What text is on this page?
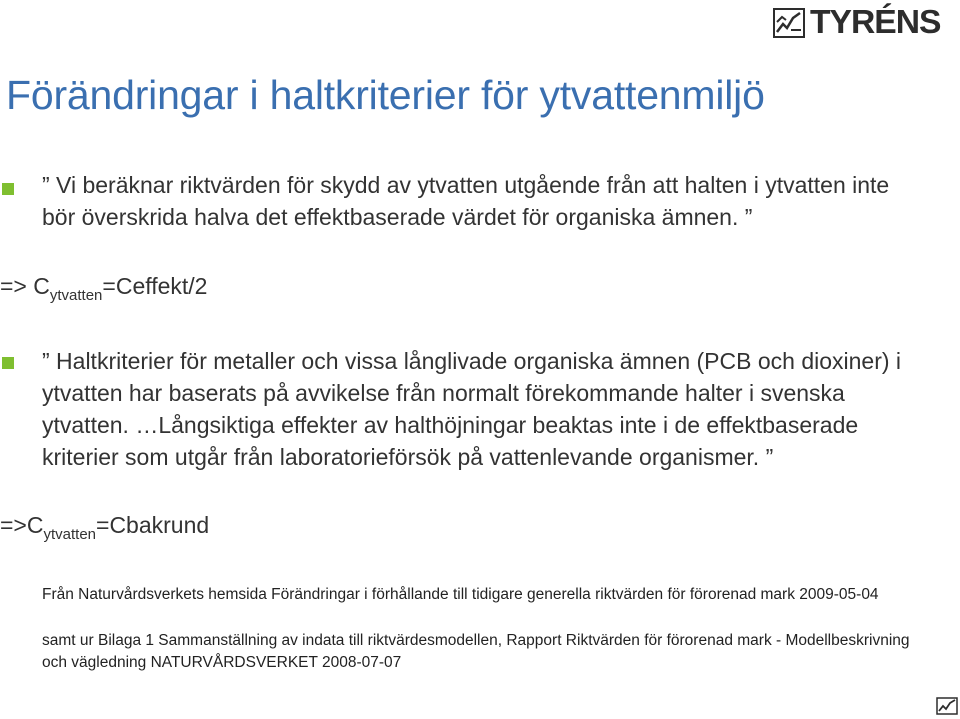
TYRÉNS
Förändringar i haltkriterier för ytvattenmiljö

” Vi beräknar riktvärden för skydd av ytvatten utgående från att halten i ytvatten inte bör överskrida halva det effektbaserade värdet för organiska ämnen. ”

=> $C_{ytvatten}=Ceffekt/2$

” Haltkriterier för metaller och vissa långlivade organiska ämnen (PCB och dioxiner) i ytvatten har baserats på avvikelse från normalt förekommande halter i svenska ytvatten. …Långsiktiga effekter av halthöjningar beaktas inte i de effektbaserade kriterier som utgår från laboratorieförsök på vattenlevande organismer. ”

$=>C_{ytvatten}=Cbakrund$

Från Naturvårdsverkets hemsida Förändringar i förhållande till tidigare generella riktvärden för förorenad mark 2009-05-04

samt ur Bilaga 1 Sammanställning av indata till riktvärdesmodellen, Rapport Riktvärden för förorenad mark - Modellbeskrivning och vägledning NATURVÅRDSVERKET 2008-07-07
